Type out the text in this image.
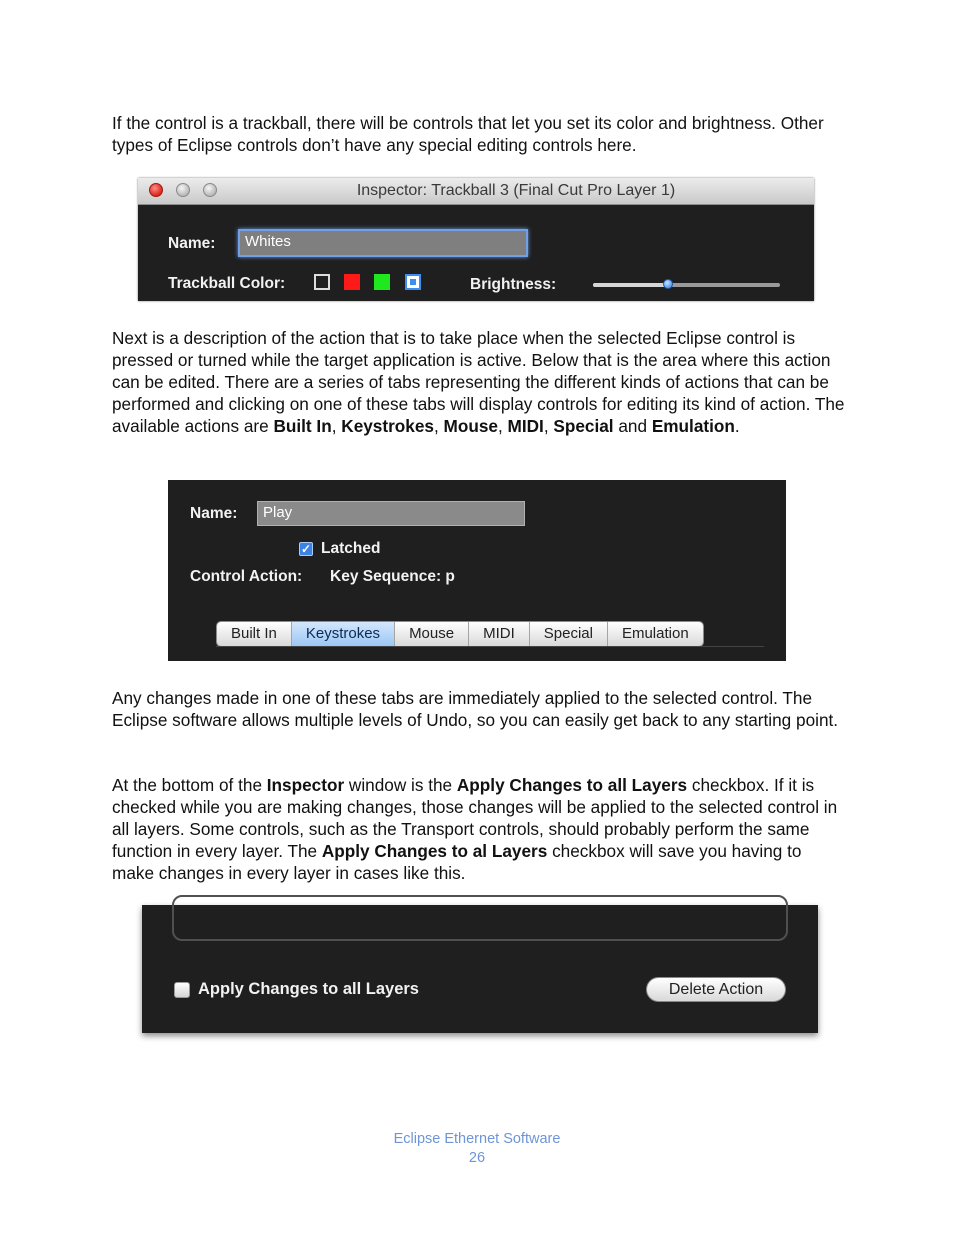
If the control is a trackball, there will be controls that let you set its color and brightness. Other types of Eclipse controls don’t have any special editing controls here.

Inspector: Trackball 3 (Final Cut Pro Layer 1)
Name:	Whites
Trackball Color:	Brightness:

Next is a description of the action that is to take place when the selected Eclipse control is pressed or turned while the target application is active. Below that is the area where this action can be edited. There are a series of tabs representing the different kinds of actions that can be performed and clicking on one of these tabs will display controls for editing its kind of action. The available actions are Built In, Keystrokes, Mouse, MIDI, Special and Emulation.

Name:	Play
✓ Latched
Control Action: Key Sequence: p
Built In	Keystrokes	Mouse	MIDI	Special	Emulation

Any changes made in one of these tabs are immediately applied to the selected control. The Eclipse software allows multiple levels of Undo, so you can easily get back to any starting point.

At the bottom of the Inspector window is the Apply Changes to all Layers checkbox. If it is checked while you are making changes, those changes will be applied to the selected control in all layers. Some controls, such as the Transport controls, should probably perform the same function in every layer. The Apply Changes to al Layers checkbox will save you having to make changes in every layer in cases like this.

Apply Changes to all Layers	Delete Action
Eclipse Ethernet Software
26
